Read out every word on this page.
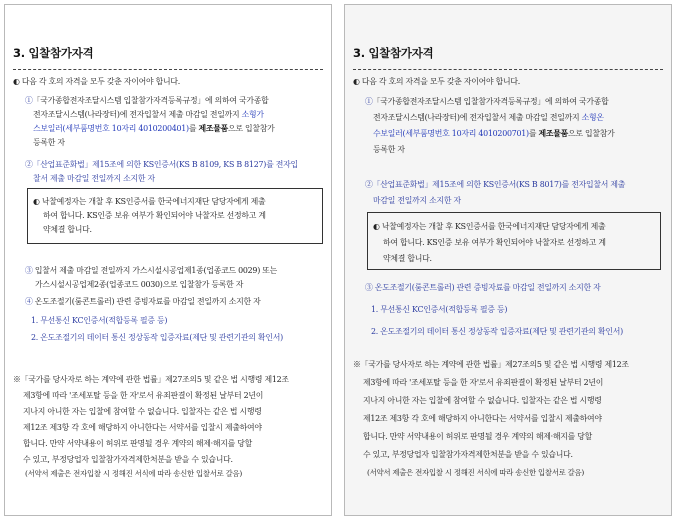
3. 입찰참가자격
◐ 다음 각 호의 자격을 모두 갖춘 자이어야 합니다.
①「국가종합전자조달시스템 입찰참가자격등록규정」에 의하여 국가종합
전자조달시스템(나라장터)에 전자입찰서 제출 마감일 전일까지 소형가
스보일러(세부품명번호 10자리 4010200401)를 제조물품으로 입찰참가
등록한 자
②「산업표준화법」제15조에 의한 KS인증서(KS B 8109, KS B 8127)를 전자입
찰서 제출 마감일 전일까지 소지한 자
◐ 낙찰예정자는 개찰 후 KS인증서를 한국에너지재단 담당자에게 제출
하여 합니다. KS인증 보유 여부가 확인되어야 낙찰자로 선정하고 계
약체결 합니다.
③ 입찰서 제출 마감일 전일까지 가스시설시공업제1종(업종코드 0029) 또는
가스시설시공업제2종(업종코드 0030)으로 입찰참가 등록한 자
④ 온도조절기(룸콘트롤러) 관련 증빙자료를 마감일 전일까지 소지한 자
1. 무선통신 KC인증서(적합등록 필증 등)
2. 온도조절기의 데이터 통신 정상동작 입증자료(제단 및 관련기관의 확인서)
※「국가를 당사자로 하는 계약에 관한 법률」제27조의5 및 같은 법 시행령 제12조
제3항에 따라 '조세포탈 등을 한 자'로서 유죄판결이 확정된 날부터 2년이
지나지 아니한 자는 입찰에 참여할 수 없습니다. 입찰자는 같은 법 시행령
제12조 제3항 각 호에 해당하지 아니한다는 서약서를 입찰시 제출하여야
합니다. 만약 서약내용이 허위로 판명될 경우 계약의 해제·해지를 당할
수 있고, 부정당업자 입찰참가자격제한처분을 받을 수 있습니다.
(서약서 제출은 전자입찰 시 정해진 서식에 따라 송신한 입찰서로 갈음)
3. 입찰참가자격
◐ 다음 각 호의 자격을 모두 갖춘 자이어야 합니다.
①「국가종합전자조달시스템 입찰참가자격등록규정」에 의하여 국가종합
전자조달시스템(나라장터)에 전자입찰서 제출 마감일 전일까지 소형온
수보일러(세부품명번호 10자리 4010200701)를 제조물품으로 입찰참가
등록한 자
②「산업표준화법」제15조에 의한 KS인증서(KS B 8017)를 전자입찰서 제출
마감일 전일까지 소지한 자
◐ 낙찰예정자는 개찰 후 KS인증서를 한국에너지재단 담당자에게 제출
하여 합니다. KS인증 보유 여부가 확인되어야 낙찰자로 선정하고 계
약체결 합니다.
③ 온도조절기(룸콘트롤러) 관련 증빙자료를 마감일 전일까지 소지한 자
1. 무선통신 KC인증서(적합등록 필증 등)
2. 온도조절기의 데이터 통신 정상동작 입증자료(제단 및 관련기관의 확인서)
※「국가를 당사자로 하는 계약에 관한 법률」제27조의5 및 같은 법 시행령 제12조
제3항에 따라 '조세포탈 등을 한 자'로서 유죄판결이 확정된 날부터 2년이
지나지 아니한 자는 입찰에 참여할 수 없습니다. 입찰자는 같은 법 시행령
제12조 제3항 각 호에 해당하지 아니한다는 서약서를 입찰시 제출하여야
합니다. 만약 서약내용이 허위로 판명될 경우 계약의 해제·해지를 당할
수 있고, 부정당업자 입찰참가자격제한처분을 받을 수 있습니다.
(서약서 제출은 전자입찰 시 정해진 서식에 따라 송신한 입찰서로 갈음)
